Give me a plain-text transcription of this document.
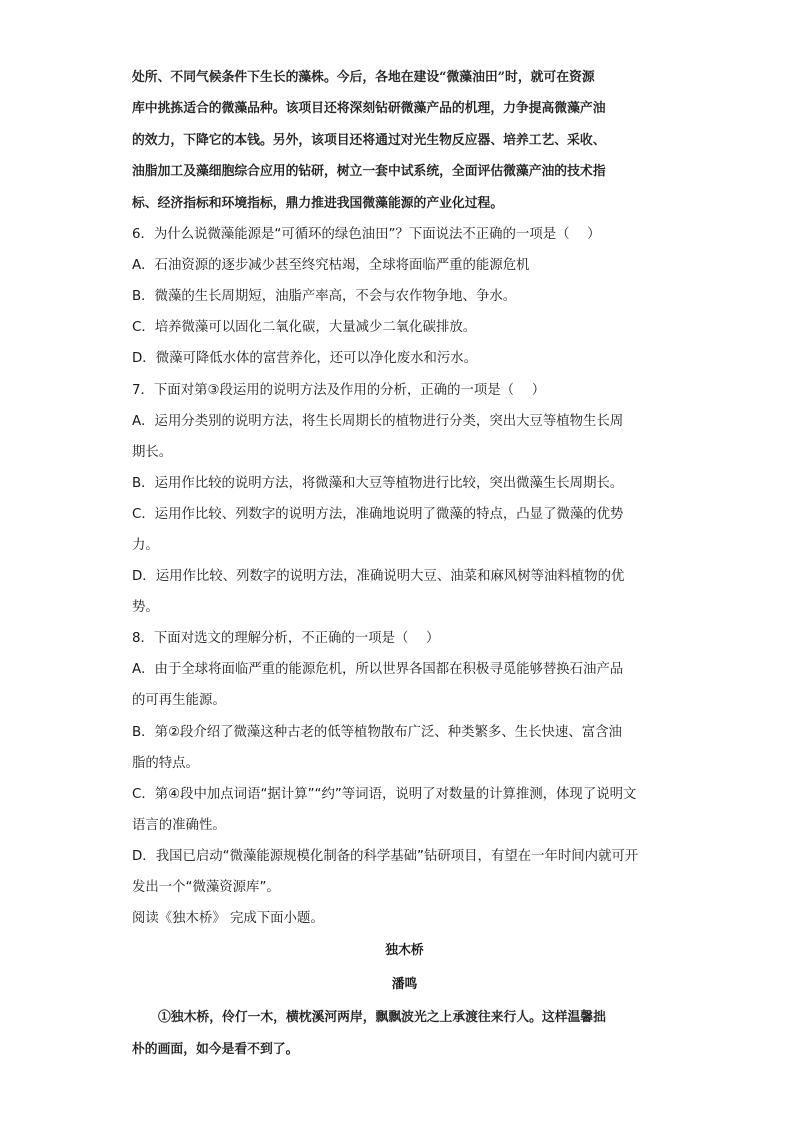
处所、不同气候条件下生长的藻株。今后，各地在建设“微藻油田”时，就可在资源
库中挑拣适合的微藻品种。该项目还将深刻钻研微藻产品的机理，力争提高微藻产油
的效力，下降它的本钱。另外，该项目还将通过对光生物反应器、培养工艺、采收、
油脂加工及藻细胞综合应用的钻研，树立一套中试系统，全面评估微藻产油的技术指
标、经济指标和环境指标，鼎力推进我国微藻能源的产业化过程。
6．为什么说微藻能源是“可循环的绿色油田”？下面说法不正确的一项是（　 ）
A．石油资源的逐步减少甚至终究枯竭，全球将面临严重的能源危机
B．微藻的生长周期短，油脂产率高，不会与农作物争地、争水。
C．培养微藻可以固化二氧化碳，大量减少二氧化碳排放。
D．微藻可降低水体的富营养化，还可以净化废水和污水。
7．下面对第③段运用的说明方法及作用的分析，正确的一项是（　 ）
A．运用分类别的说明方法，将生长周期长的植物进行分类，突出大豆等植物生长周
期长。
B．运用作比较的说明方法，将微藻和大豆等植物进行比较，突出微藻生长周期长。
C．运用作比较、列数字的说明方法，准确地说明了微藻的特点，凸显了微藻的优势
力。
D．运用作比较、列数字的说明方法，准确说明大豆、油菜和麻风树等油料植物的优
势。
8．下面对选文的理解分析，不正确的一项是（　 ）
A．由于全球将面临严重的能源危机，所以世界各国都在积极寻觅能够替换石油产品
的可再生能源。
B．第②段介绍了微藻这种古老的低等植物散布广泛、种类繁多、生长快速、富含油
脂的特点。
C．第④段中加点词语“据计算”“约”等词语，说明了对数量的计算推测，体现了说明文
语言的准确性。
D．我国已启动“微藻能源规模化制备的科学基础”钻研项目，有望在一年时间内就可开
发出一个“微藻资源库”。
阅读《独木桥》 完成下面小题。
独木桥
潘鸣
①独木桥，伶仃一木，横枕溪河两岸，飘飘波光之上承渡往来行人。这样温馨拙
朴的画面，如今是看不到了。
